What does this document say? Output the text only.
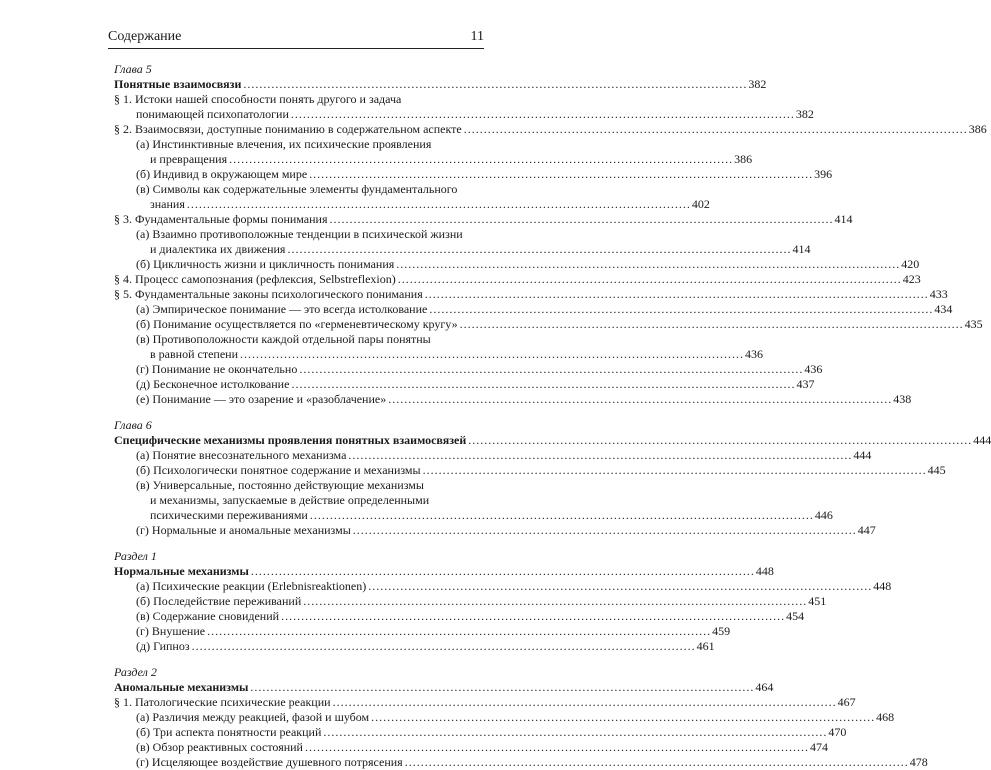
Содержание	11
Глава 5
Понятные взаимосвязи . . .	382
§ 1. Истоки нашей способности понять другого и задача
понимающей психопатологии . . .	382
§ 2. Взаимосвязи, доступные пониманию в содержательном аспекте . . .	386
(а) Инстинктивные влечения, их психические проявления
и превращения . . .	386
(б) Индивид в окружающем мире . . .	396
(в) Символы как содержательные элементы фундаментального
знания . . .	402
§ 3. Фундаментальные формы понимания . . .	414
(а) Взаимно противоположные тенденции в психической жизни
и диалектика их движения . . .	414
(б) Цикличность жизни и цикличность понимания . . .	420
§ 4. Процесс самопознания (рефлексия, Selbstreflexion) . . .	423
§ 5. Фундаментальные законы психологического понимания . . .	433
(а) Эмпирическое понимание — это всегда истолкование . . .	434
(б) Понимание осуществляется по «герменевтическому кругу» . . .	435
(в) Противоположности каждой отдельной пары понятны
в равной степени . . .	436
(г) Понимание не окончательно . . .	436
(д) Бесконечное истолкование . . .	437
(е) Понимание — это озарение и «разоблачение» . . .	438
Глава 6
Специфические механизмы проявления понятных взаимосвязей . . .	444
(а) Понятие внесознательного механизма . . .	444
(б) Психологически понятное содержание и механизмы . . .	445
(в) Универсальные, постоянно действующие механизмы
и механизмы, запускаемые в действие определенными
психическими переживаниями . . .	446
(г) Нормальные и аномальные механизмы . . .	447
Раздел 1
Нормальные механизмы . . .	448
(а) Психические реакции (Erlebnisreaktionen) . . .	448
(б) Последействие переживаний . . .	451
(в) Содержание сновидений . . .	454
(г) Внушение . . .	459
(д) Гипноз . . .	461
Раздел 2
Аномальные механизмы . . .	464
§ 1. Патологические психические реакции . . .	467
(а) Различия между реакцией, фазой и шубом . . .	468
(б) Три аспекта понятности реакций . . .	470
(в) Обзор реактивных состояний . . .	474
(г) Исцеляющее воздействие душевного потрясения . . .	478
